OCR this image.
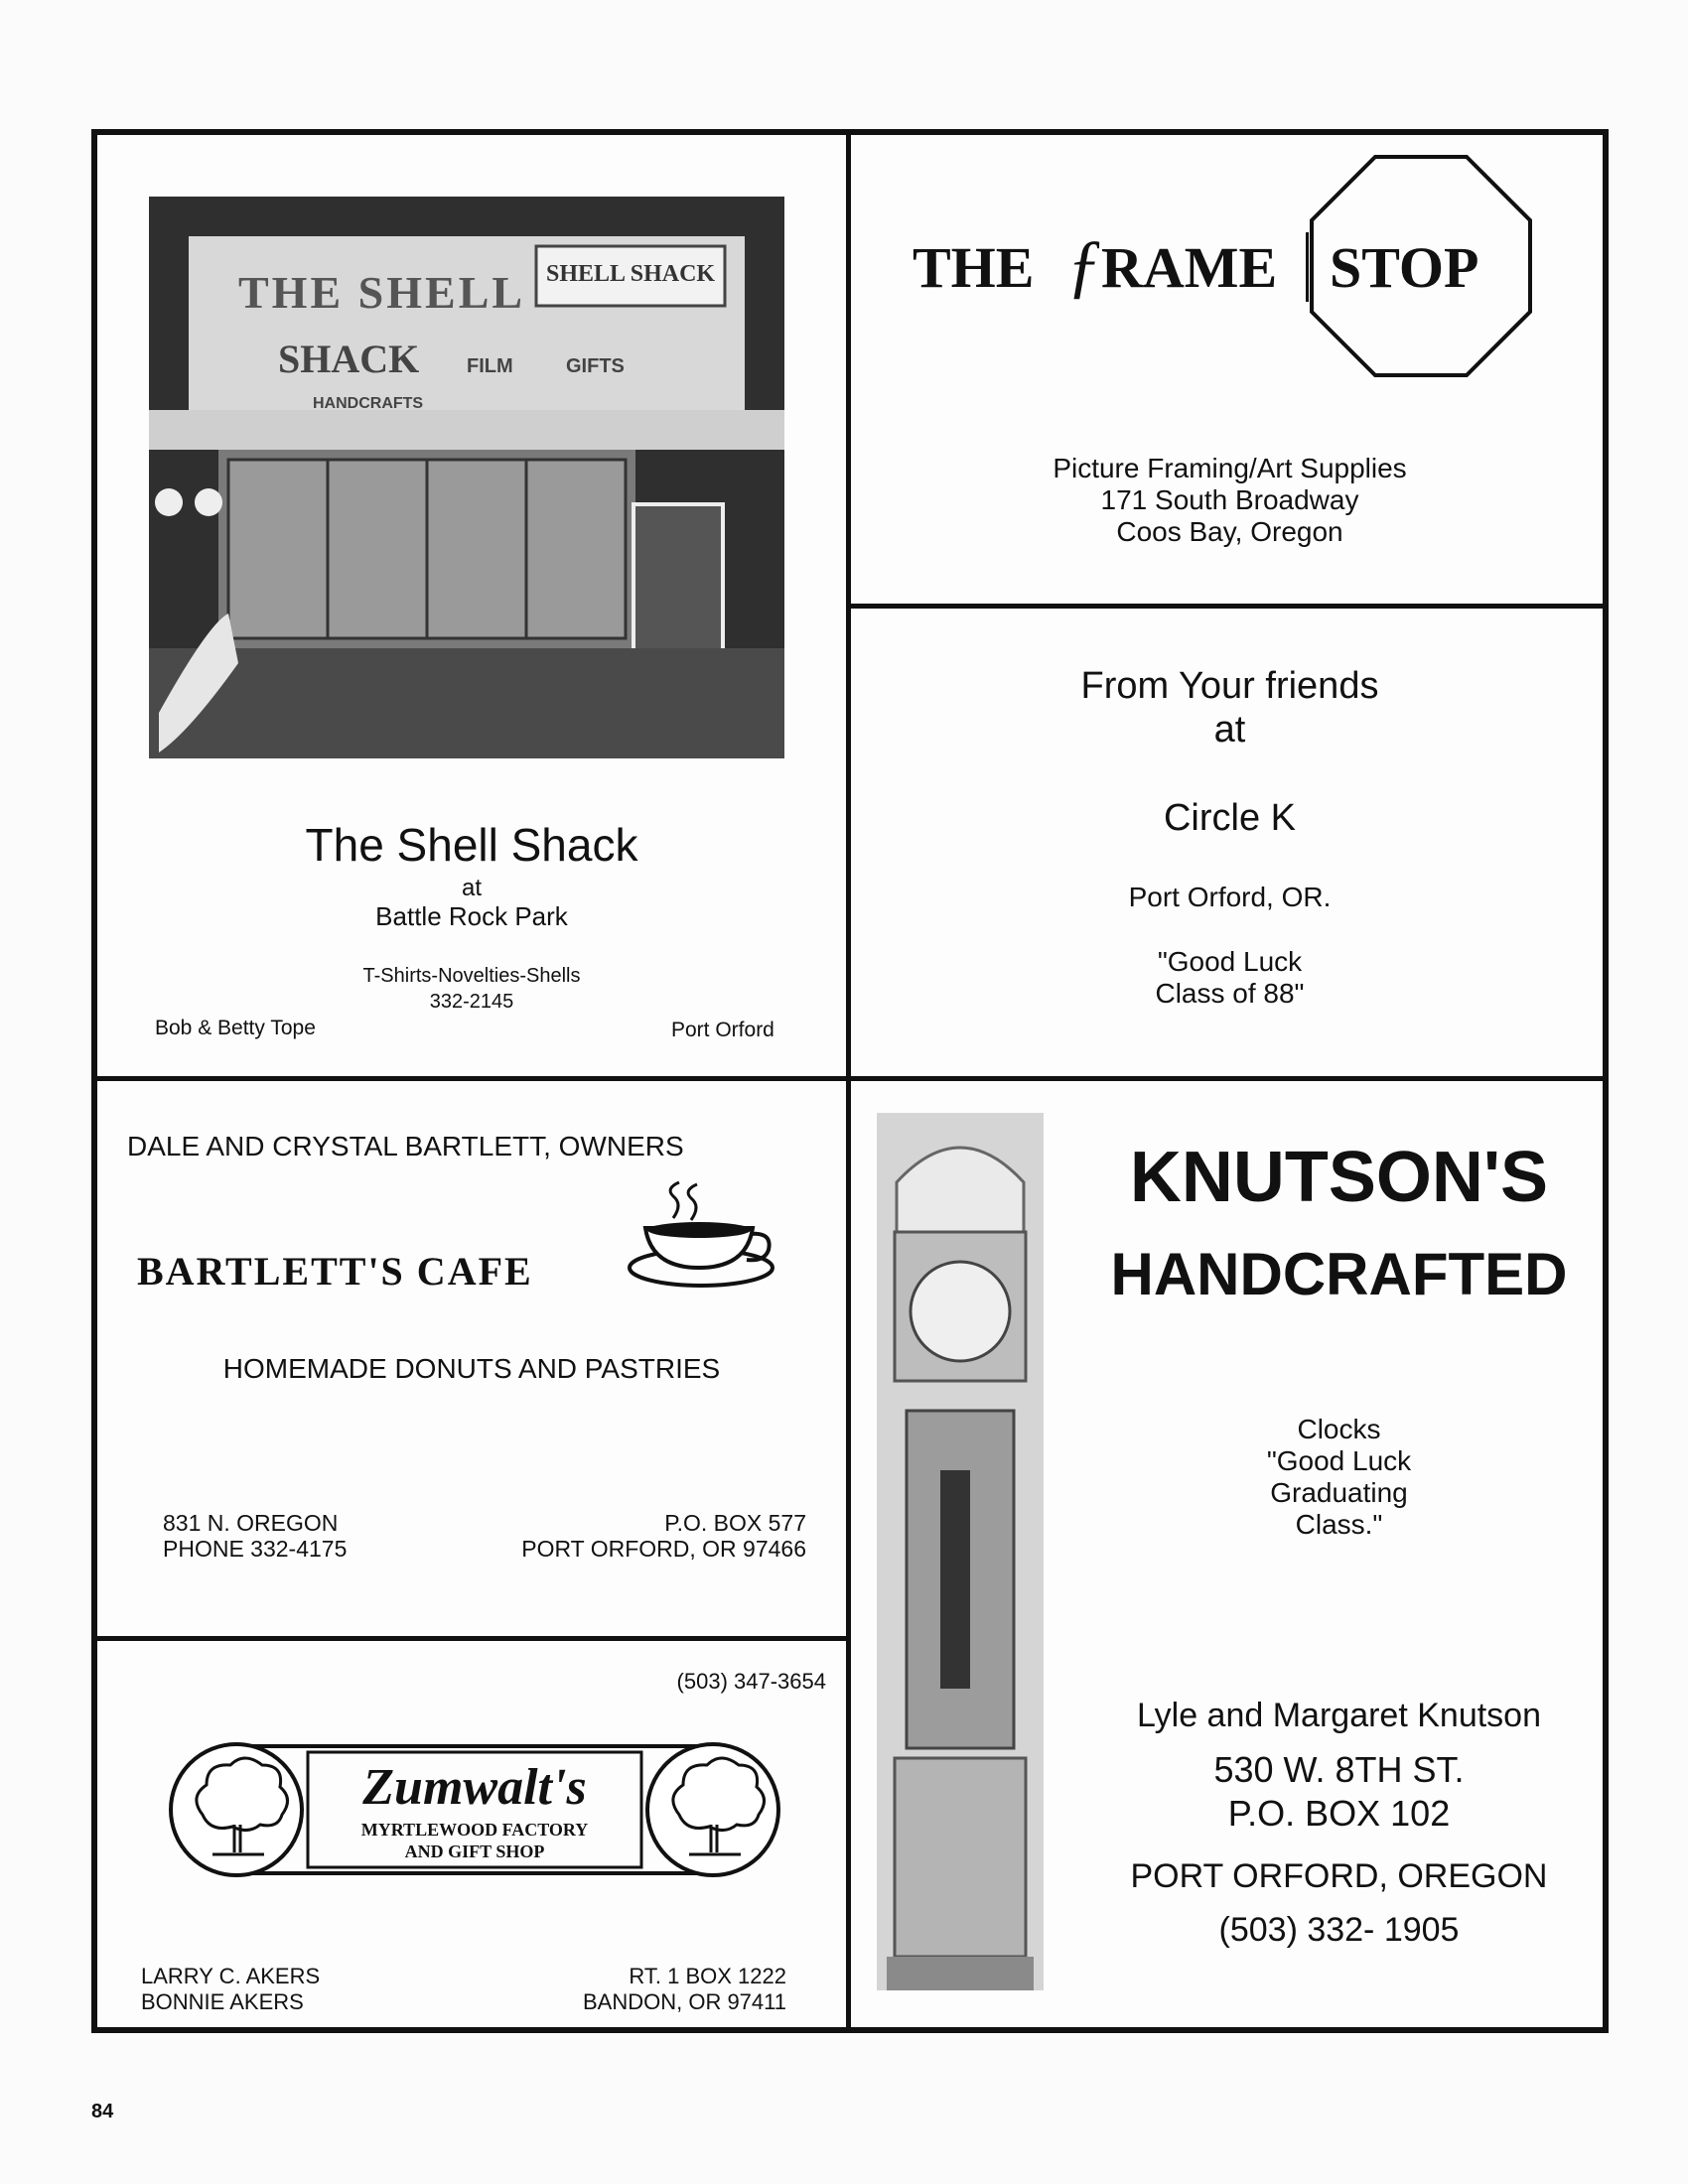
THE SHELL SHELL SHACK
SHACK FILM	GIFTS
HANDCRAFTS
The Shell Shack
at
Battle Rock Park
T-Shirts-Novelties-Shells
332-2145
Bob & Betty Tope	Port Orford
THE ƒ RAME STOP
Picture Framing/Art Supplies
171 South Broadway
Coos Bay, Oregon
From Your friends
at
Circle K
Port Orford, OR.
"Good Luck
Class of 88"
DALE AND CRYSTAL BARTLETT, OWNERS
BARTLETT'S CAFE
HOMEMADE DONUTS AND PASTRIES
831 N. OREGON
PHONE 332-4175
P.O. BOX 577
PORT ORFORD, OR 97466
(503) 347-3654
Zumwalt's
MYRTLEWOOD FACTORY
AND GIFT SHOP
LARRY C. AKERS
BONNIE AKERS
RT. 1 BOX 1222
BANDON, OR 97411
KNUTSON'S
HANDCRAFTED
Clocks
"Good Luck
Graduating
Class."
Lyle and Margaret Knutson
530 W. 8TH ST.
P.O. BOX 102
PORT ORFORD, OREGON
(503) 332- 1905
84
